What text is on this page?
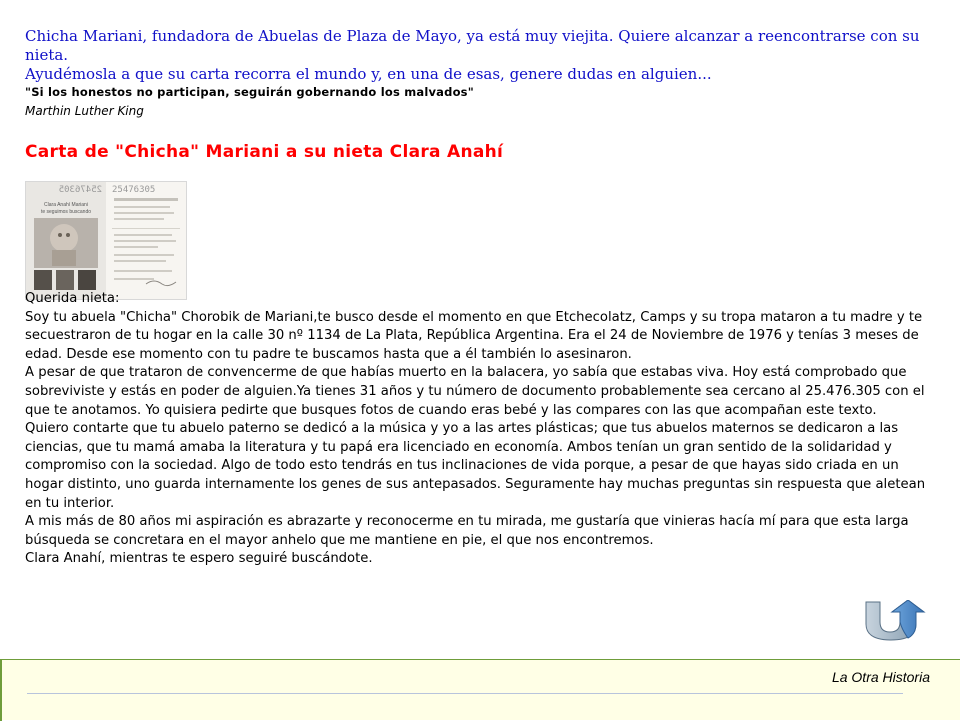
Chicha Mariani, fundadora de Abuelas de Plaza de Mayo, ya está muy viejita. Quiere alcanzar a reencontrarse con su nieta.
Ayudémosla a que su carta recorra el mundo y, en una de esas, genere dudas en alguien...
"Si los honestos no participan, seguirán gobernando los malvados"
Marthin Luther King
Carta de "Chicha" Mariani a su nieta Clara Anahí
25476305 25476305
Clara Anahí Mariani
te seguimos buscando

Querida nieta:

Soy tu abuela "Chicha" Chorobik de Mariani,te busco desde el momento en que Etchecolatz, Camps y su tropa mataron a tu madre y te secuestraron de tu hogar en la calle 30 nº 1134 de La Plata, República Argentina. Era el 24 de Noviembre de 1976 y tenías 3 meses de edad. Desde ese momento con tu padre te buscamos hasta que a él también lo asesinaron.

A pesar de que trataron de convencerme de que habías muerto en la balacera, yo sabía que estabas viva. Hoy está comprobado que sobreviviste y estás en poder de alguien.Ya tienes 31 años y tu número de documento probablemente sea cercano al 25.476.305 con el que te anotamos. Yo quisiera pedirte que busques fotos de cuando eras bebé y las compares con las que acompañan este texto.

Quiero contarte que tu abuelo paterno se dedicó a la música y yo a las artes plásticas; que tus abuelos maternos se dedicaron a las ciencias, que tu mamá amaba la literatura y tu papá era licenciado en economía. Ambos tenían un gran sentido de la solidaridad y compromiso con la sociedad. Algo de todo esto tendrás en tus inclinaciones de vida porque, a pesar de que hayas sido criada en un hogar distinto, uno guarda internamente los genes de sus antepasados. Seguramente hay muchas preguntas sin respuesta que aletean en tu interior.

A mis más de 80 años mi aspiración es abrazarte y reconocerme en tu mirada, me gustaría que vinieras hacía mí para que esta larga búsqueda se concretara en el mayor anhelo que me mantiene en pie, el que nos encontremos.

Clara Anahí, mientras te espero seguiré buscándote.

La Otra Historia
